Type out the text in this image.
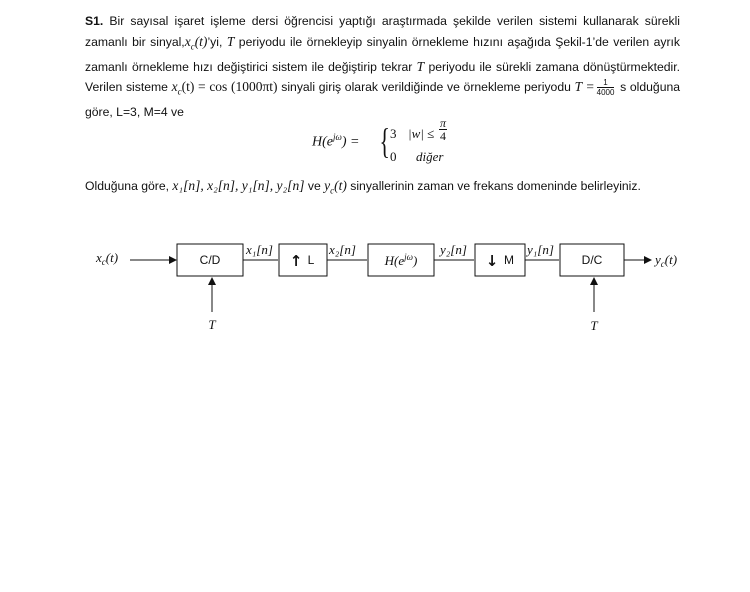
S1. Bir sayısal işaret işleme dersi öğrencisi yaptığı araştırmada şekilde verilen sistemi kullanarak sürekli zamanlı bir $sinyal,x_c(t)’yi$, T periyodu ile örnekleyip sinyalin örnekleme hızını aşağıda Şekil-1’de verilen ayrık zamanlı örnekleme hızı değiştirici sistem ile değiştirip tekrar T periyodu ile sürekli zamana dönüştürmektedir. Verilen sisteme $x_c(t) = \cos (1000\pi t)$ sinyali giriş olarak verildiğinde ve örnekleme periyodu $T = \frac{1}{4000}$ s olduğuna göre, L=3, M=4 ve
$H(e^{j\omega})$ = { 3 |w| ≤
π
4
0 diğer
Olduğuna göre, x₁[n], x₂[n], y₁[n], y₂[n] ve $y_c(t)$ sinyallerinin zaman ve frekans domeninde belirleyiniz.
$x_c(t)$	C/D
x₁[n]
↑ L
x₂[n]
$H(e^{j\omega})$
y₂[n]
↓ M
y₁[n]
D/C	$y_c(t)$
T	T
